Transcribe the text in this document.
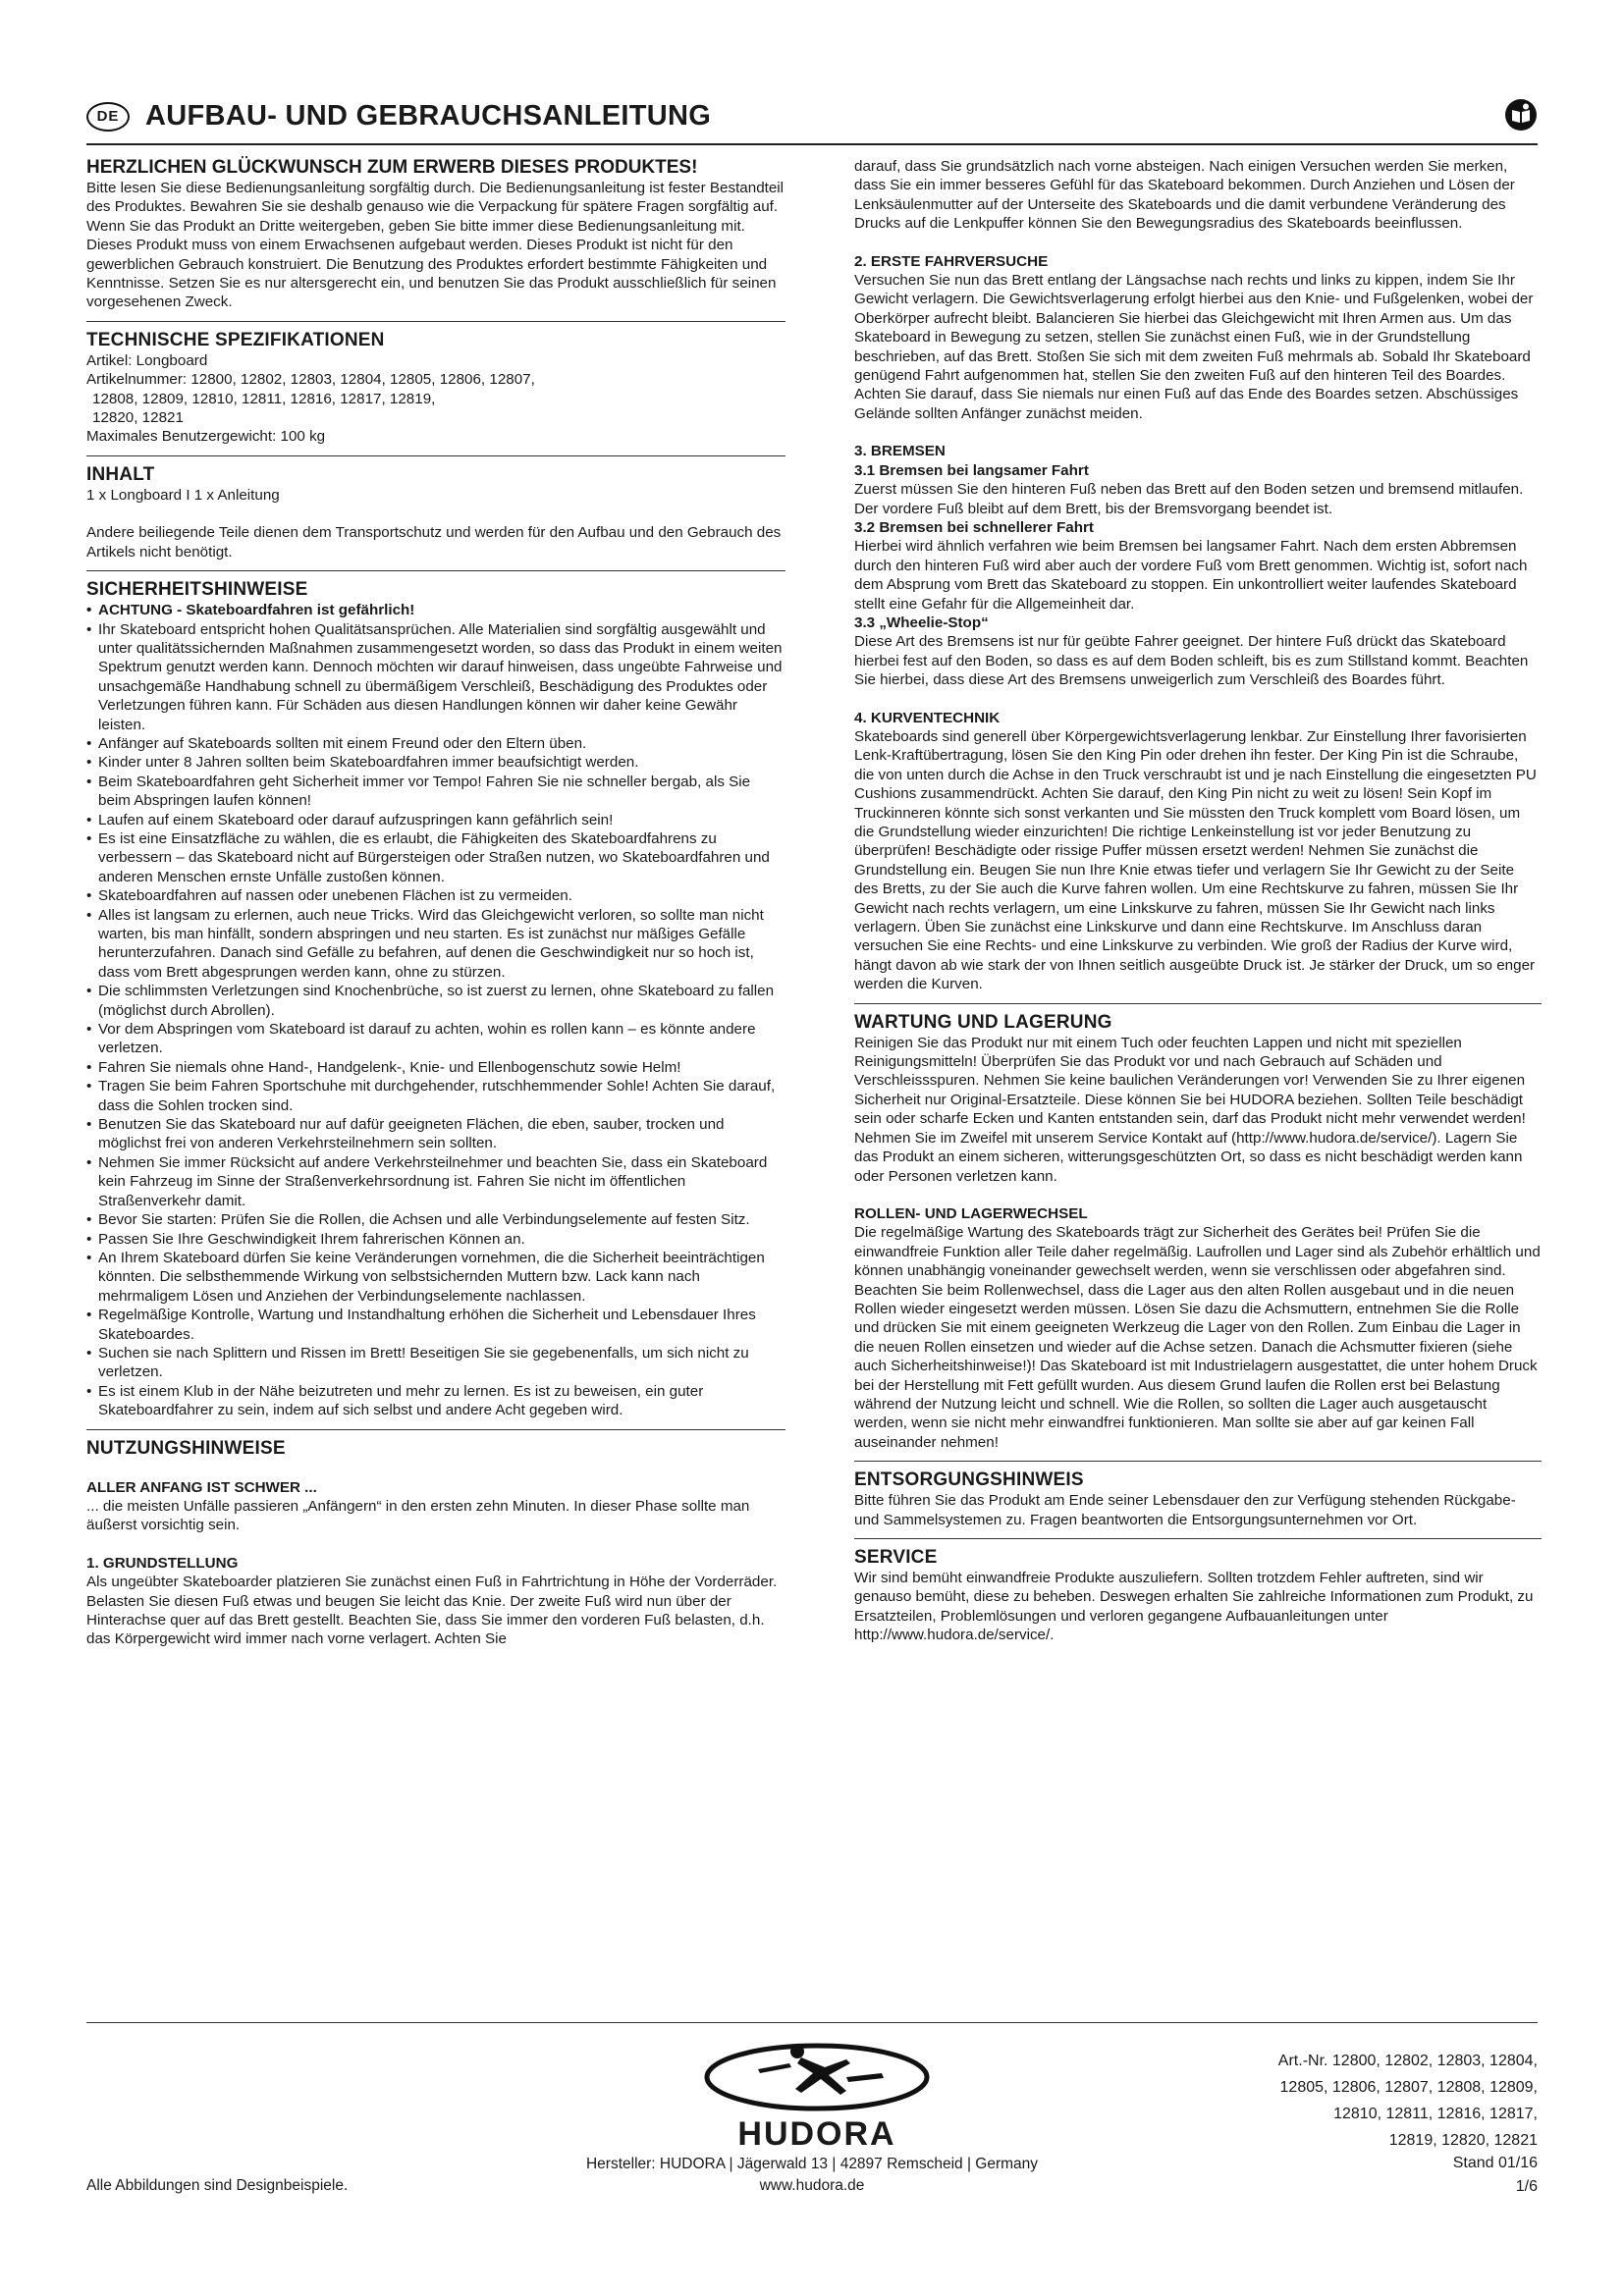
DE AUFBAU- UND GEBRAUCHSANLEITUNG
HERZLICHEN GLÜCKWUNSCH ZUM ERWERB DIESES PRODUKTES!
Bitte lesen Sie diese Bedienungsanleitung sorgfältig durch. Die Bedienungsanleitung ist fester Bestandteil des Produktes. Bewahren Sie sie deshalb genauso wie die Verpackung für spätere Fragen sorgfältig auf. Wenn Sie das Produkt an Dritte weitergeben, geben Sie bitte immer diese Bedienungsanleitung mit. Dieses Produkt muss von einem Erwachsenen aufgebaut werden. Dieses Produkt ist nicht für den gewerblichen Gebrauch konstruiert. Die Benutzung des Produktes erfordert bestimmte Fähigkeiten und Kenntnisse. Setzen Sie es nur altersgerecht ein, und benutzen Sie das Produkt ausschließlich für seinen vorgesehenen Zweck.
TECHNISCHE SPEZIFIKATIONEN
Artikel: Longboard
Artikelnummer: 12800, 12802, 12803, 12804, 12805, 12806, 12807,
12808, 12809, 12810, 12811, 12816, 12817, 12819,
12820, 12821
Maximales Benutzergewicht: 100 kg
INHALT
1 x Longboard I 1 x Anleitung
Andere beiliegende Teile dienen dem Transportschutz und werden für den Aufbau und den Gebrauch des Artikels nicht benötigt.
SICHERHEITSHINWEISE
• ACHTUNG - Skateboardfahren ist gefährlich!
• Ihr Skateboard entspricht hohen Qualitätsansprüchen. Alle Materialien sind sorgfältig ausgewählt und unter qualitätssichernden Maßnahmen zusammengesetzt worden, so dass das Produkt in einem weiten Spektrum genutzt werden kann. Dennoch möchten wir darauf hinweisen, dass ungeübte Fahrweise und unsachgemäße Handhabung schnell zu übermäßigem Verschleiß, Beschädigung des Produktes oder Verletzungen führen kann. Für Schäden aus diesen Handlungen können wir daher keine Gewähr leisten.
• Anfänger auf Skateboards sollten mit einem Freund oder den Eltern üben.
• Kinder unter 8 Jahren sollten beim Skateboardfahren immer beaufsichtigt werden.
• Beim Skateboardfahren geht Sicherheit immer vor Tempo! Fahren Sie nie schneller bergab, als Sie beim Abspringen laufen können!
• Laufen auf einem Skateboard oder darauf aufzuspringen kann gefährlich sein!
• Es ist eine Einsatzfläche zu wählen, die es erlaubt, die Fähigkeiten des Skateboardfahrens zu verbessern – das Skateboard nicht auf Bürgersteigen oder Straßen nutzen, wo Skateboardfahren und anderen Menschen ernste Unfälle zustoßen können.
• Skateboardfahren auf nassen oder unebenen Flächen ist zu vermeiden.
• Alles ist langsam zu erlernen, auch neue Tricks. Wird das Gleichgewicht verloren, so sollte man nicht warten, bis man hinfällt, sondern abspringen und neu starten. Es ist zunächst nur mäßiges Gefälle herunterzufahren. Danach sind Gefälle zu befahren, auf denen die Geschwindigkeit nur so hoch ist, dass vom Brett abgesprungen werden kann, ohne zu stürzen.
• Die schlimmsten Verletzungen sind Knochenbrüche, so ist zuerst zu lernen, ohne Skateboard zu fallen (möglichst durch Abrollen).
• Vor dem Abspringen vom Skateboard ist darauf zu achten, wohin es rollen kann – es könnte andere verletzen.
• Fahren Sie niemals ohne Hand-, Handgelenk-, Knie- und Ellenbogenschutz sowie Helm!
• Tragen Sie beim Fahren Sportschuhe mit durchgehender, rutschhemmender Sohle! Achten Sie darauf, dass die Sohlen trocken sind.
• Benutzen Sie das Skateboard nur auf dafür geeigneten Flächen, die eben, sauber, trocken und möglichst frei von anderen Verkehrsteilnehmern sein sollten.
• Nehmen Sie immer Rücksicht auf andere Verkehrsteilnehmer und beachten Sie, dass ein Skateboard kein Fahrzeug im Sinne der Straßenverkehrsordnung ist. Fahren Sie nicht im öffentlichen Straßenverkehr damit.
• Bevor Sie starten: Prüfen Sie die Rollen, die Achsen und alle Verbindungselemente auf festen Sitz.
• Passen Sie Ihre Geschwindigkeit Ihrem fahrerischen Können an.
• An Ihrem Skateboard dürfen Sie keine Veränderungen vornehmen, die die Sicherheit beeinträchtigen könnten. Die selbsthemmende Wirkung von selbstsichernden Muttern bzw. Lack kann nach mehrmaligem Lösen und Anziehen der Verbindungselemente nachlassen.
• Regelmäßige Kontrolle, Wartung und Instandhaltung erhöhen die Sicherheit und Lebensdauer Ihres Skateboardes.
• Suchen sie nach Splittern und Rissen im Brett! Beseitigen Sie sie gegebenenfalls, um sich nicht zu verletzen.
• Es ist einem Klub in der Nähe beizutreten und mehr zu lernen. Es ist zu beweisen, ein guter Skateboardfahrer zu sein, indem auf sich selbst und andere Acht gegeben wird.
NUTZUNGSHINWEISE
ALLER ANFANG IST SCHWER ...
... die meisten Unfälle passieren „Anfängern“ in den ersten zehn Minuten. In dieser Phase sollte man äußerst vorsichtig sein.
1. GRUNDSTELLUNG
Als ungeübter Skateboarder platzieren Sie zunächst einen Fuß in Fahrtrichtung in Höhe der Vorderräder. Belasten Sie diesen Fuß etwas und beugen Sie leicht das Knie. Der zweite Fuß wird nun über der Hinterachse quer auf das Brett gestellt. Beachten Sie, dass Sie immer den vorderen Fuß belasten, d.h. das Körpergewicht wird immer nach vorne verlagert. Achten Sie
darauf, dass Sie grundsätzlich nach vorne absteigen. Nach einigen Versuchen werden Sie merken, dass Sie ein immer besseres Gefühl für das Skateboard bekommen. Durch Anziehen und Lösen der Lenksäulenmutter auf der Unterseite des Skateboards und die damit verbundene Veränderung des Drucks auf die Lenkpuffer können Sie den Bewegungsradius des Skateboards beeinflussen.
2. ERSTE FAHRVERSUCHE
Versuchen Sie nun das Brett entlang der Längsachse nach rechts und links zu kippen, indem Sie Ihr Gewicht verlagern. Die Gewichtsverlagerung erfolgt hierbei aus den Knie- und Fußgelenken, wobei der Oberkörper aufrecht bleibt. Balancieren Sie hierbei das Gleichgewicht mit Ihren Armen aus. Um das Skateboard in Bewegung zu setzen, stellen Sie zunächst einen Fuß, wie in der Grundstellung beschrieben, auf das Brett. Stoßen Sie sich mit dem zweiten Fuß mehrmals ab. Sobald Ihr Skateboard genügend Fahrt aufgenommen hat, stellen Sie den zweiten Fuß auf den hinteren Teil des Boardes. Achten Sie darauf, dass Sie niemals nur einen Fuß auf das Ende des Boardes setzen. Abschüssiges Gelände sollten Anfänger zunächst meiden.
3. BREMSEN
3.1 Bremsen bei langsamer Fahrt
Zuerst müssen Sie den hinteren Fuß neben das Brett auf den Boden setzen und bremsend mitlaufen. Der vordere Fuß bleibt auf dem Brett, bis der Bremsvorgang beendet ist.
3.2 Bremsen bei schnellerer Fahrt
Hierbei wird ähnlich verfahren wie beim Bremsen bei langsamer Fahrt. Nach dem ersten Abbremsen durch den hinteren Fuß wird aber auch der vordere Fuß vom Brett genommen. Wichtig ist, sofort nach dem Absprung vom Brett das Skateboard zu stoppen. Ein unkontrolliert weiter laufendes Skateboard stellt eine Gefahr für die Allgemeinheit dar.
3.3 „Wheelie-Stop“
Diese Art des Bremsens ist nur für geübte Fahrer geeignet. Der hintere Fuß drückt das Skateboard hierbei fest auf den Boden, so dass es auf dem Boden schleift, bis es zum Stillstand kommt. Beachten Sie hierbei, dass diese Art des Bremsens unweigerlich zum Verschleiß des Boardes führt.
4. KURVENTECHNIK
Skateboards sind generell über Körpergewichtsverlagerung lenkbar. Zur Einstellung Ihrer favorisierten Lenk-Kraftübertragung, lösen Sie den King Pin oder drehen ihn fester. Der King Pin ist die Schraube, die von unten durch die Achse in den Truck verschraubt ist und je nach Einstellung die eingesetzten PU Cushions zusammendrückt. Achten Sie darauf, den King Pin nicht zu weit zu lösen! Sein Kopf im Truckinneren könnte sich sonst verkanten und Sie müssten den Truck komplett vom Board lösen, um die Grundstellung wieder einzurichten! Die richtige Lenkeinstellung ist vor jeder Benutzung zu überprüfen! Beschädigte oder rissige Puffer müssen ersetzt werden! Nehmen Sie zunächst die Grundstellung ein. Beugen Sie nun Ihre Knie etwas tiefer und verlagern Sie Ihr Gewicht zu der Seite des Bretts, zu der Sie auch die Kurve fahren wollen. Um eine Rechtskurve zu fahren, müssen Sie Ihr Gewicht nach rechts verlagern, um eine Linkskurve zu fahren, müssen Sie Ihr Gewicht nach links verlagern. Üben Sie zunächst eine Linkskurve und dann eine Rechtskurve. Im Anschluss daran versuchen Sie eine Rechts- und eine Linkskurve zu verbinden. Wie groß der Radius der Kurve wird, hängt davon ab wie stark der von Ihnen seitlich ausgeübte Druck ist. Je stärker der Druck, um so enger werden die Kurven.
WARTUNG UND LAGERUNG
Reinigen Sie das Produkt nur mit einem Tuch oder feuchten Lappen und nicht mit speziellen Reinigungsmitteln! Überprüfen Sie das Produkt vor und nach Gebrauch auf Schäden und Verschleissspuren. Nehmen Sie keine baulichen Veränderungen vor! Verwenden Sie zu Ihrer eigenen Sicherheit nur Original-Ersatzteile. Diese können Sie bei HUDORA beziehen. Sollten Teile beschädigt sein oder scharfe Ecken und Kanten entstanden sein, darf das Produkt nicht mehr verwendet werden! Nehmen Sie im Zweifel mit unserem Service Kontakt auf (http://www.hudora.de/service/). Lagern Sie das Produkt an einem sicheren, witterungsgeschützten Ort, so dass es nicht beschädigt werden kann oder Personen verletzen kann.
ROLLEN- UND LAGERWECHSEL
Die regelmäßige Wartung des Skateboards trägt zur Sicherheit des Gerätes bei! Prüfen Sie die einwandfreie Funktion aller Teile daher regelmäßig. Laufrollen und Lager sind als Zubehör erhältlich und können unabhängig voneinander gewechselt werden, wenn sie verschlissen oder abgefahren sind. Beachten Sie beim Rollenwechsel, dass die Lager aus den alten Rollen ausgebaut und in die neuen Rollen wieder eingesetzt werden müssen. Lösen Sie dazu die Achsmuttern, entnehmen Sie die Rolle und drücken Sie mit einem geeigneten Werkzeug die Lager von den Rollen. Zum Einbau die Lager in die neuen Rollen einsetzen und wieder auf die Achse setzen. Danach die Achsmutter fixieren (siehe auch Sicherheitshinweise!)! Das Skateboard ist mit Industrielagern ausgestattet, die unter hohem Druck bei der Herstellung mit Fett gefüllt wurden. Aus diesem Grund laufen die Rollen erst bei Belastung während der Nutzung leicht und schnell. Wie die Rollen, so sollten die Lager auch ausgetauscht werden, wenn sie nicht mehr einwandfrei funktionieren. Man sollte sie aber auf gar keinen Fall auseinander nehmen!
ENTSORGUNGSHINWEIS
Bitte führen Sie das Produkt am Ende seiner Lebensdauer den zur Verfügung stehenden Rückgabe- und Sammelsystemen zu. Fragen beantworten die Entsorgungsunternehmen vor Ort.
SERVICE
Wir sind bemüht einwandfreie Produkte auszuliefern. Sollten trotzdem Fehler auftreten, sind wir genauso bemüht, diese zu beheben. Deswegen erhalten Sie zahlreiche Informationen zum Produkt, zu Ersatzteilen, Problemlösungen und verloren gegangene Aufbauanleitungen unter http://www.hudora.de/service/.
HUDORA
Hersteller: HUDORA | Jägerwald 13 | 42897 Remscheid | Germany
www.hudora.de
Alle Abbildungen sind Designbeispiele.
Art.-Nr. 12800, 12802, 12803, 12804,
12805, 12806, 12807, 12808, 12809,
12810, 12811, 12816, 12817,
12819, 12820, 12821
Stand 01/16
1/6
